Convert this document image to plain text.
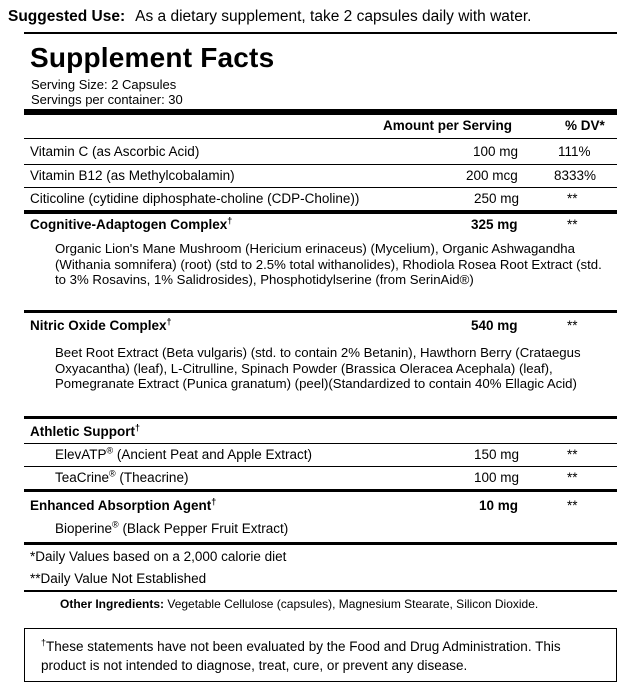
Suggested Use: As a dietary supplement, take 2 capsules daily with water.
Supplement Facts
Serving Size: 2 Capsules
Servings per container: 30
Amount per Serving	% DV*
Vitamin C (as Ascorbic Acid)	100 mg	111%
Vitamin B12 (as Methylcobalamin)	200 mcg	8333%
Citicoline (cytidine diphosphate-choline (CDP-Choline))	250 mg	**
Cognitive-Adaptogen Complex†	325 mg	**
Organic Lion's Mane Mushroom (Hericium erinaceus) (Mycelium), Organic Ashwagandha (Withania somnifera) (root) (std to 2.5% total withanolides), Rhodiola Rosea Root Extract (std. to 3% Rosavins, 1% Salidrosides), Phosphotidylserine (from SerinAid®)
Nitric Oxide Complex†	540 mg	**
Beet Root Extract (Beta vulgaris) (std. to contain 2% Betanin), Hawthorn Berry (Crataegus Oxyacantha) (leaf), L-Citrulline, Spinach Powder (Brassica Oleracea Acephala) (leaf), Pomegranate Extract (Punica granatum) (peel)(Standardized to contain 40% Ellagic Acid)
Athletic Support†
ElevATP® (Ancient Peat and Apple Extract)	150 mg	**
TeaCrine® (Theacrine)	100 mg	**
Enhanced Absorption Agent†	10 mg	**
Bioperine® (Black Pepper Fruit Extract)
*Daily Values based on a 2,000 calorie diet
**Daily Value Not Established
Other Ingredients: Vegetable Cellulose (capsules), Magnesium Stearate, Silicon Dioxide.
†These statements have not been evaluated by the Food and Drug Administration. This product is not intended to diagnose, treat, cure, or prevent any disease.
